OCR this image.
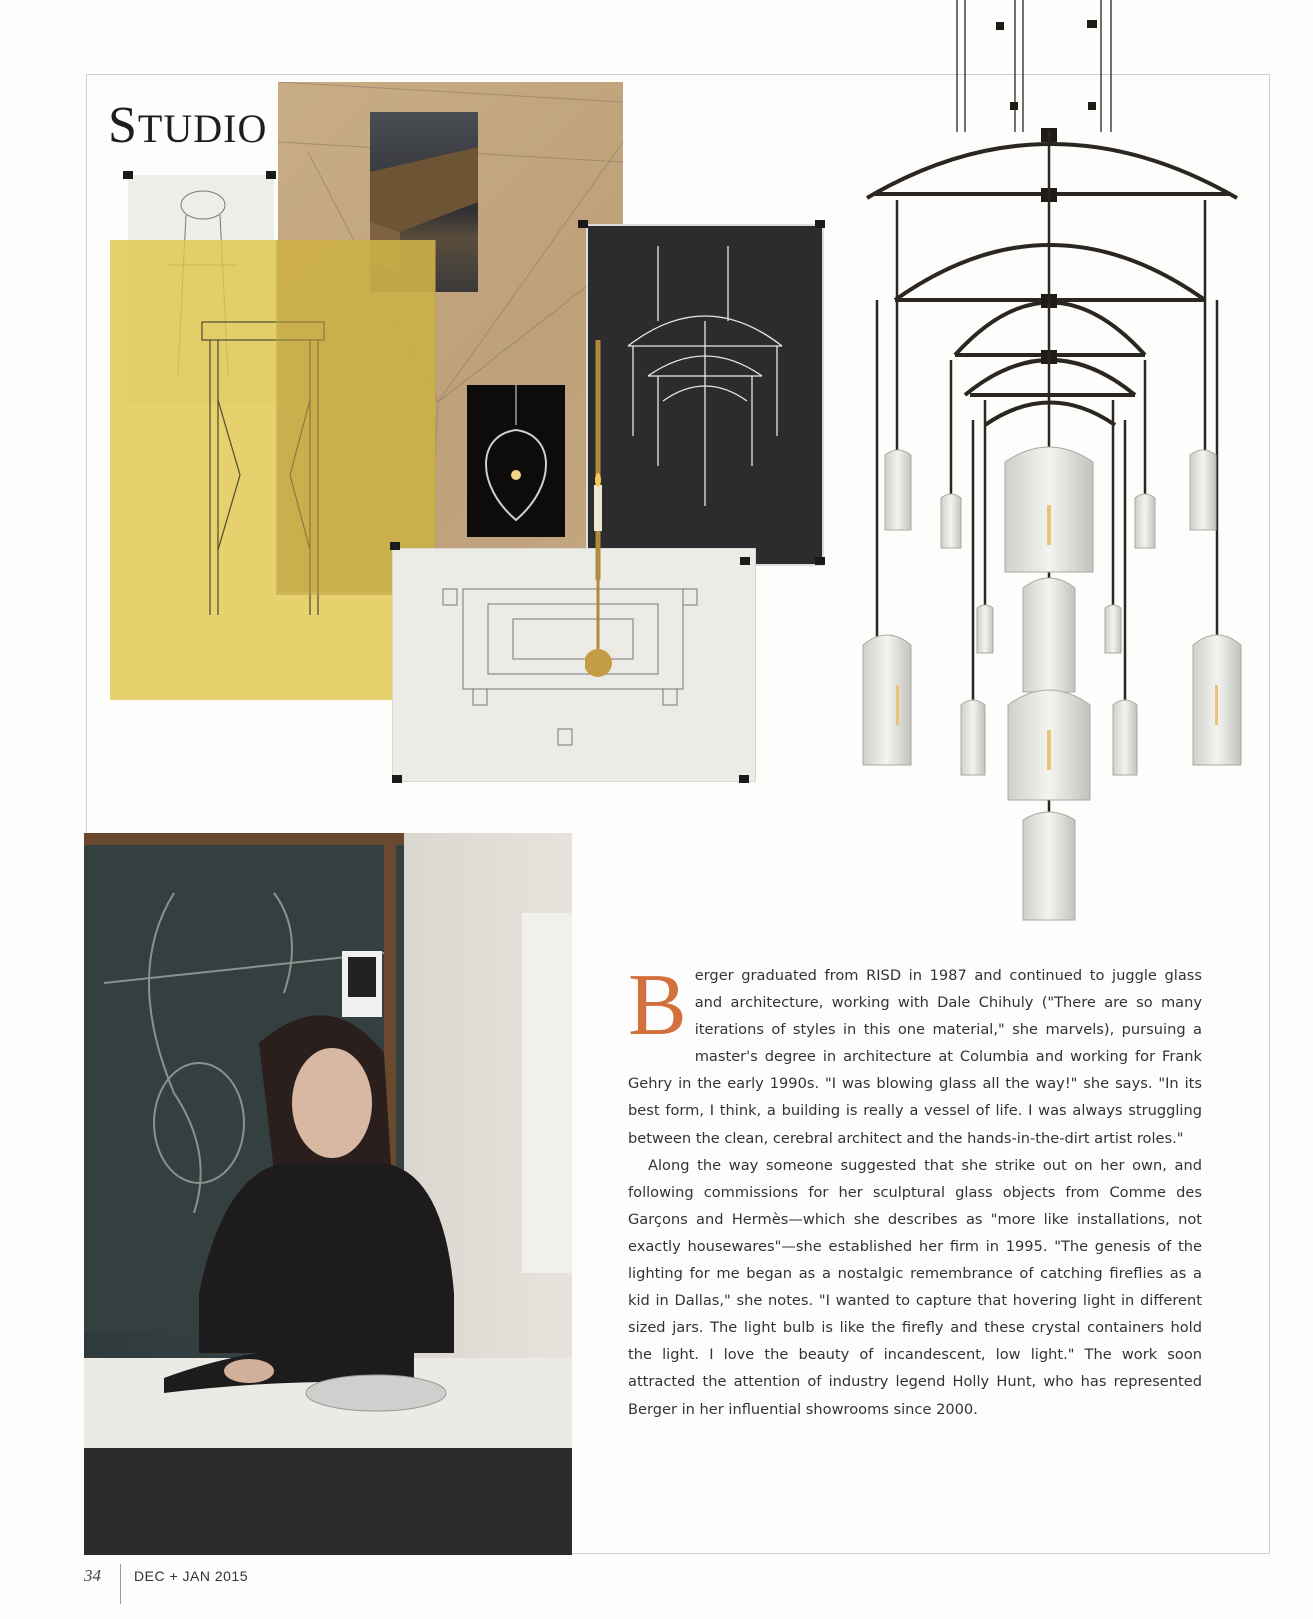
STUDIO

Berger graduated from RISD in 1987 and continued to juggle glass and architecture, working with Dale Chihuly ("There are so many iterations of styles in this one material," she marvels), pursuing a master's degree in architecture at Columbia and working for Frank Gehry in the early 1990s. "I was blowing glass all the way!" she says. "In its best form, I think, a building is really a vessel of life. I was always struggling between the clean, cerebral architect and the hands-in-the-dirt artist roles."

Along the way someone suggested that she strike out on her own, and following commissions for her sculptural glass objects from Comme des Garçons and Hermès—which she describes as "more like installations, not exactly housewares"—she established her firm in 1995. "The genesis of the lighting for me began as a nostalgic remembrance of catching fireflies as a kid in Dallas," she notes. "I wanted to capture that hovering light in different sized jars. The light bulb is like the firefly and these crystal containers hold the light. I love the beauty of incandescent, low light." The work soon attracted the attention of industry legend Holly Hunt, who has represented Berger in her influential showrooms since 2000.

34 DEC + JAN 2015
